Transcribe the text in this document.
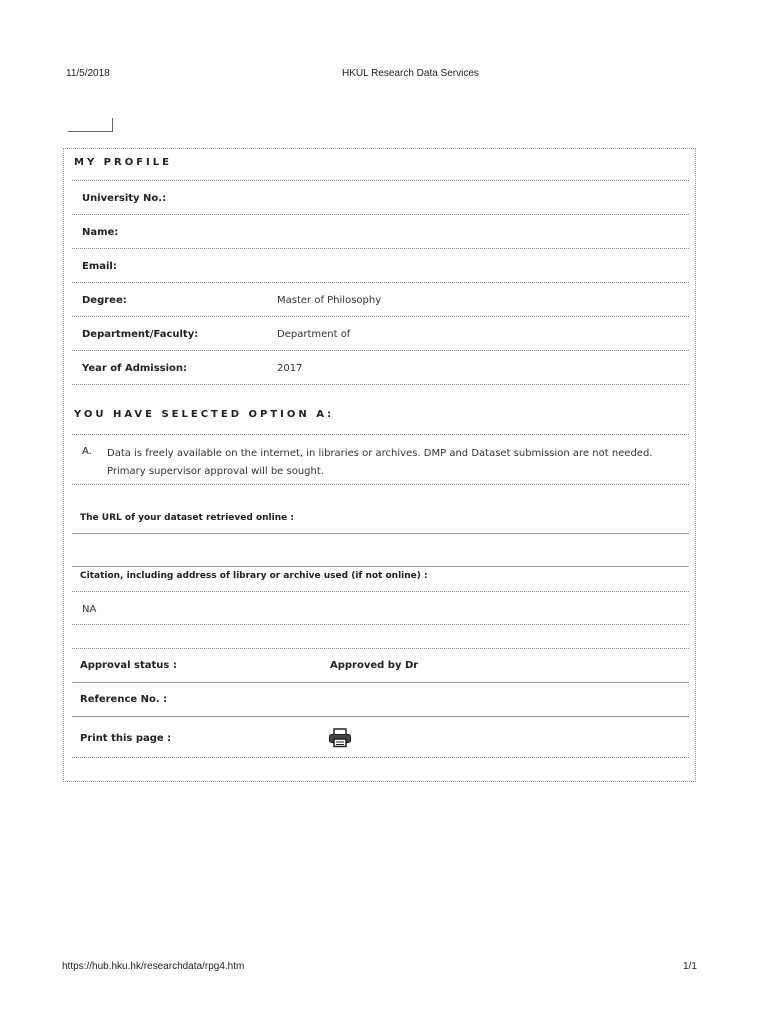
11/5/2018	HKUL Research Data Services
MY PROFILE
University No.:
Name:
Email:
Degree:	Master of Philosophy
Department/Faculty:	Department of
Year of Admission:	2017
YOU HAVE SELECTED OPTION A:
A. Data is freely available on the internet, in libraries or archives. DMP and Dataset submission are not needed. Primary supervisor approval will be sought.
The URL of your dataset retrieved online :
Citation, including address of library or archive used (if not online) :
NA
Approval status :	Approved by Dr
Reference No. :
Print this page :
https://hub.hku.hk/researchdata/rpg4.htm	1/1
